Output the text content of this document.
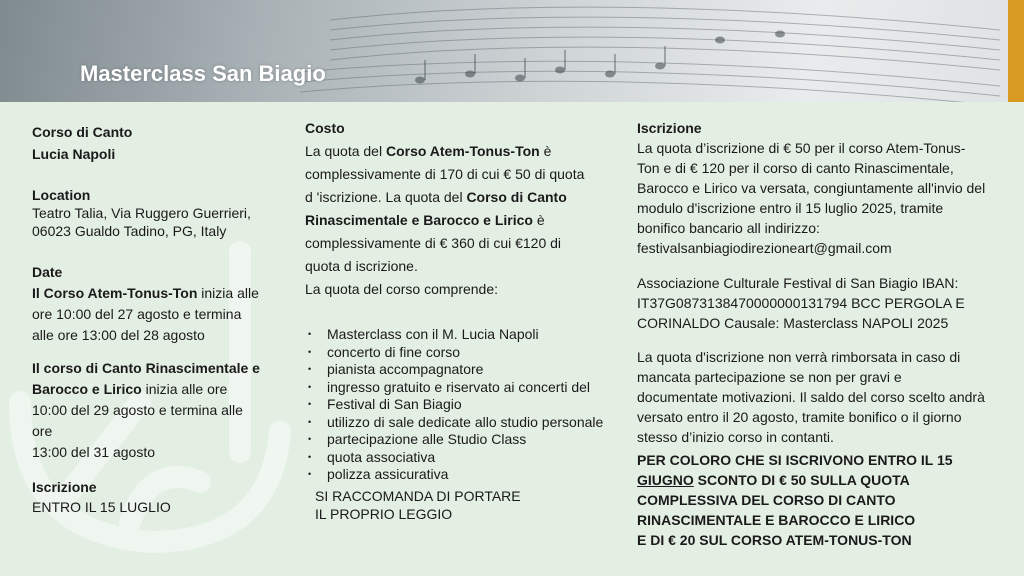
Masterclass San Biagio
Corso di Canto
Lucia Napoli
Location
Teatro Talia, Via Ruggero Guerrieri,
06023 Gualdo Tadino, PG, Italy
Date
Il Corso Atem-Tonus-Ton inizia alle
ore 10:00 del 27 agosto e termina
alle ore 13:00 del 28 agosto
Il corso di Canto Rinascimentale e
Barocco e Lirico inizia alle ore
10:00 del 29 agosto e termina alle
ore
13:00 del 31 agosto
Iscrizione
ENTRO IL 15 LUGLIO
Costo
La quota del Corso Atem-Tonus-Ton è
complessivamente di 170 di cui € 50 di quota
d 'iscrizione. La quota del Corso di Canto
Rinascimentale e Barocco e Lirico è
complessivamente di € 360 di cui €120 di
quota d iscrizione.
La quota del corso comprende:
• Masterclass con il M. Lucia Napoli
• concerto di fine corso
• pianista accompagnatore
• ingresso gratuito e riservato ai concerti del
• Festival di San Biagio
• utilizzo di sale dedicate allo studio personale
• partecipazione alle Studio Class
• quota associativa
• polizza assicurativa
SI RACCOMANDA DI PORTARE
IL PROPRIO LEGGIO
Iscrizione
La quota d’iscrizione di € 50 per il corso Atem-Tonus-
Ton e di € 120 per il corso di canto Rinascimentale,
Barocco e Lirico va versata, congiuntamente all'invio del
modulo d'iscrizione entro il 15 luglio 2025, tramite
bonifico bancario all indirizzo:
festivalsanbiagiodirezioneart@gmail.com
Associazione Culturale Festival di San Biagio IBAN:
IT37G0873138470000000131794 BCC PERGOLA E
CORINALDO Causale: Masterclass NAPOLI 2025
La quota d'iscrizione non verrà rimborsata in caso di
mancata partecipazione se non per gravi e
documentate motivazioni. Il saldo del corso scelto andrà
versato entro il 20 agosto, tramite bonifico o il giorno
stesso d’inizio corso in contanti.
PER COLORO CHE SI ISCRIVONO ENTRO IL 15
GIUGNO SCONTO DI € 50 SULLA QUOTA
COMPLESSIVA DEL CORSO DI CANTO
RINASCIMENTALE E BAROCCO E LIRICO
E DI € 20 SUL CORSO ATEM-TONUS-TON
